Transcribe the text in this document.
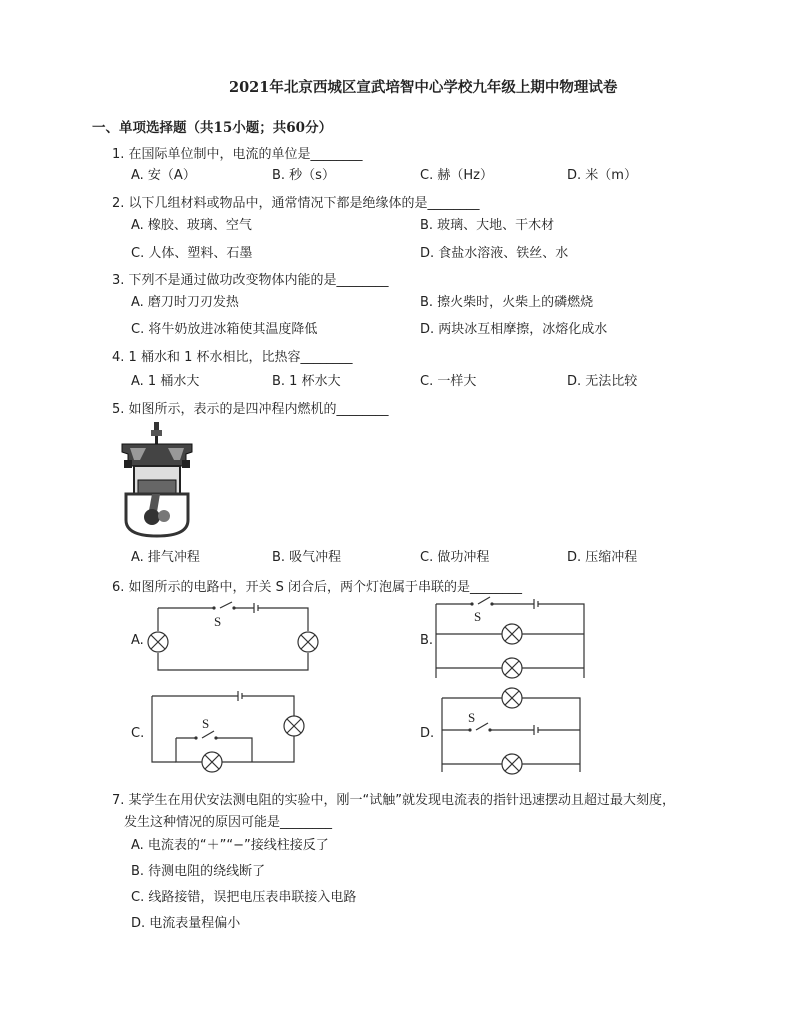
2021年北京西城区宣武培智中心学校九年级上期中物理试卷
一、单项选择题（共15小题；共60分）
1. 在国际单位制中，电流的单位是________
A. 安（A）	B. 秒（s）	C. 赫（Hz）	D. 米（m）
2. 以下几组材料或物品中，通常情况下都是绝缘体的是________
A. 橡胶、玻璃、空气	B. 玻璃、大地、干木材
C. 人体、塑料、石墨	D. 食盐水溶液、铁丝、水
3. 下列不是通过做功改变物体内能的是________
A. 磨刀时刀刃发热	B. 擦火柴时，火柴上的磷燃烧
C. 将牛奶放进冰箱使其温度降低	D. 两块冰互相摩擦，冰熔化成水
4. 1 桶水和 1 杯水相比，比热容________
A. 1 桶水大	B. 1 杯水大	C. 一样大	D. 无法比较
5. 如图所示，表示的是四冲程内燃机的________
A. 排气冲程	B. 吸气冲程	C. 做功冲程	D. 压缩冲程
6. 如图所示的电路中，开关 S 闭合后，两个灯泡属于串联的是________
A.
S
B.
S
C.
S
D.
S
7. 某学生在用伏安法测电阻的实验中，刚一“试触”就发现电流表的指针迅速摆动且超过最大刻度，
发生这种情况的原因可能是________
A. 电流表的“＋”“−”接线柱接反了
B. 待测电阻的绕线断了
C. 线路接错，误把电压表串联接入电路
D. 电流表量程偏小
